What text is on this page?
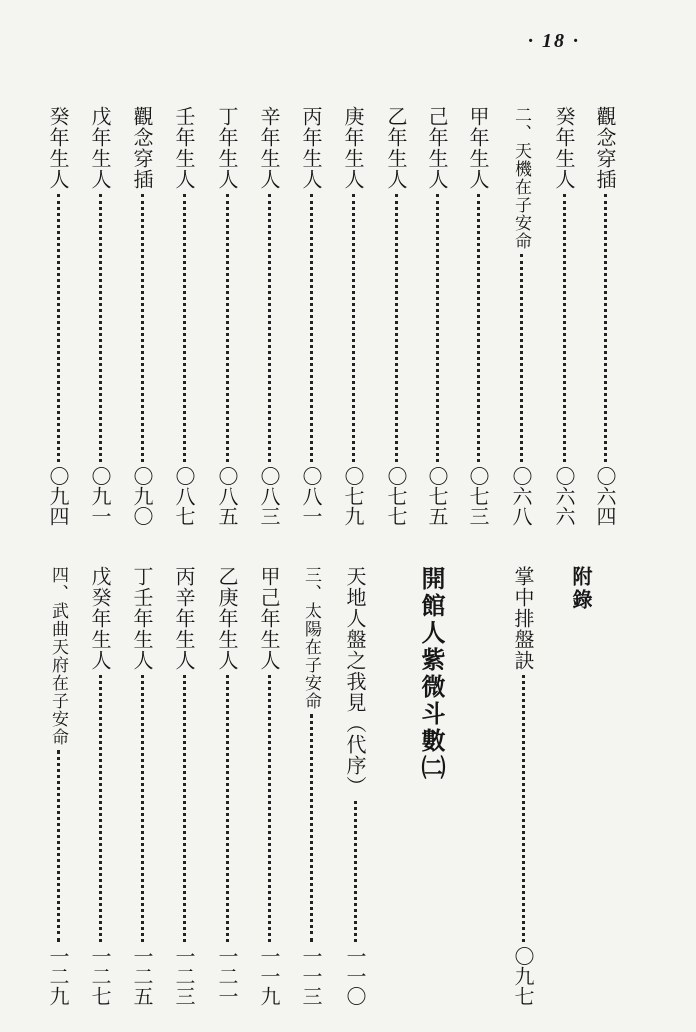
· 18 ·
觀念穿插
〇六四
癸年生人
〇六六
二、天機在子安命
〇六八
甲年生人
〇七三
己年生人
〇七五
乙年生人
〇七七
庚年生人
〇七九
丙年生人
〇八一
辛年生人
〇八三
丁年生人
〇八五
壬年生人
〇八七
觀念穿插
〇九〇
戊年生人
〇九一
癸年生人
〇九四
附錄
掌中排盤訣
〇九七
開館人紫微斗數㈡
天地人盤之我見（代序）
一一〇
三、太陽在子安命
一一三
甲己年生人
一一九
乙庚年生人
一二一
丙辛年生人
一二三
丁壬年生人
一二五
戊癸年生人
一二七
四、武曲天府在子安命
一二九
